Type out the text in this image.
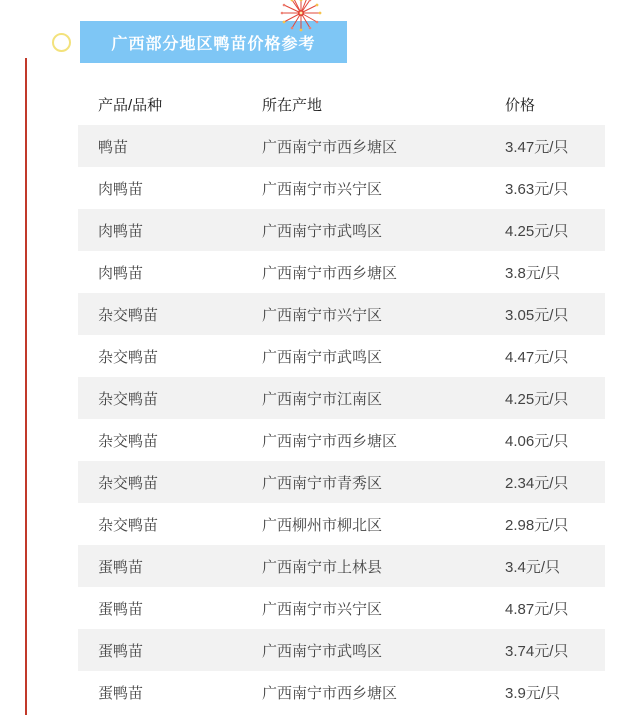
广西部分地区鸭苗价格参考
产品/品种	所在产地	价格
鸭苗	广西南宁市西乡塘区	3.47元/只
肉鸭苗	广西南宁市兴宁区	3.63元/只
肉鸭苗	广西南宁市武鸣区	4.25元/只
肉鸭苗	广西南宁市西乡塘区	3.8元/只
杂交鸭苗	广西南宁市兴宁区	3.05元/只
杂交鸭苗	广西南宁市武鸣区	4.47元/只
杂交鸭苗	广西南宁市江南区	4.25元/只
杂交鸭苗	广西南宁市西乡塘区	4.06元/只
杂交鸭苗	广西南宁市青秀区	2.34元/只
杂交鸭苗	广西柳州市柳北区	2.98元/只
蛋鸭苗	广西南宁市上林县	3.4元/只
蛋鸭苗	广西南宁市兴宁区	4.87元/只
蛋鸭苗	广西南宁市武鸣区	3.74元/只
蛋鸭苗	广西南宁市西乡塘区	3.9元/只
